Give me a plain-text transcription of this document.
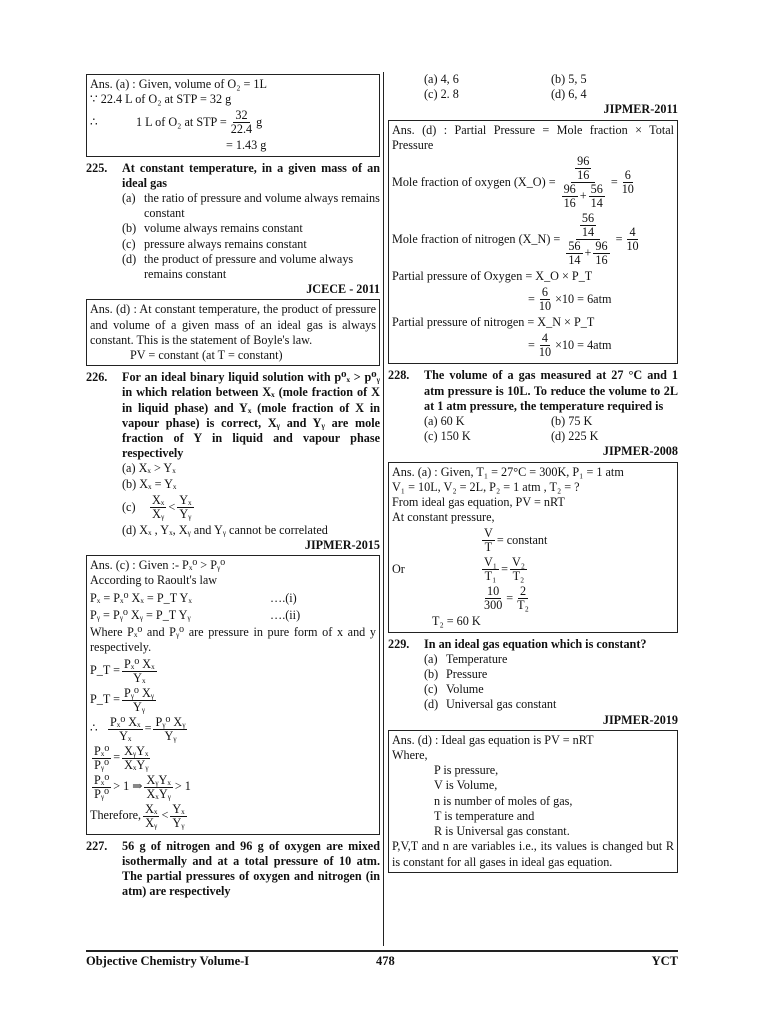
Ans. (a) : Given, volume of O₂ = 1L
∵ 22.4 L of O₂ at STP = 32 g
∴	1 L of O₂ at STP = $\frac{32}{22.4}$ g
= 1.43 g
225.	At constant temperature, in a given mass of an ideal gas
(a) the ratio of pressure and volume always remains constant
(b) volume always remains constant
(c) pressure always remains constant
(d) the product of pressure and volume always remains constant
JCECE - 2011
Ans. (d) : At constant temperature, the product of pressure and volume of a given mass of an ideal gas is always constant. This is the statement of Boyle's law.
PV = constant (at T = constant)
226.	For an ideal binary liquid solution with p⁰ₓ > p⁰ᵧ in which relation between Xₓ (mole fraction of X in liquid phase) and Yₓ (mole fraction of X in vapour phase) is correct, Xᵧ and Yᵧ are mole fraction of Y in liquid and vapour phase respectively
(a) Xₓ > Yₓ
(b) Xₓ = Yₓ
(c)	$\frac{\text{Xₓ}}{\text{Xᵧ}} < \frac{\text{Yₓ}}{\text{Yᵧ}}$
(d) Xₓ , Yₓ, Xᵧ and Yᵧ cannot be correlated
JIPMER-2015
Ans. (c) : Given :- Pₓ⁰ > Pᵧ⁰
According to Raoult's law
Pₓ = Pₓ⁰ Xₓ = P_T Yₓ	….(i)
Pᵧ = Pᵧ⁰ Xᵧ = P_T Yᵧ	….(ii)
Where Pₓ⁰ and Pᵧ⁰ are pressure in pure form of x and y respectively.
P_T = $\frac{\text{Pₓ⁰ Xₓ}}{\text{Yₓ}}$
P_T = $\frac{\text{Pᵧ⁰ Xᵧ}}{\text{Yᵧ}}$
∴ $\frac{\text{Pₓ⁰ Xₓ}}{\text{Yₓ}} = \frac{\text{Pᵧ⁰ Xᵧ}}{\text{Yᵧ}}$
$\frac{\text{Pₓ⁰}}{\text{Pᵧ⁰}} = \frac{\text{XᵧYₓ}}{\text{XₓYᵧ}}$
$\frac{\text{Pₓ⁰}}{\text{Pᵧ⁰}} > 1$ ⇒ $\frac{\text{XᵧYₓ}}{\text{XₓYᵧ}} > 1$
Therefore, $\frac{\text{Xₓ}}{\text{Xᵧ}} < \frac{\text{Yₓ}}{\text{Yᵧ}}$
227.	56 g of nitrogen and 96 g of oxygen are mixed isothermally and at a total pressure of 10 atm. The partial pressures of oxygen and nitrogen (in atm) are respectively
(a) 4, 6	(b) 5, 5
(c) 2. 8	(d) 6, 4
JIPMER-2011
Ans. (d) : Partial Pressure = Mole fraction × Total Pressure
Mole fraction of oxygen (X_O) = $\frac{\frac{96}{16}}{\frac{96}{16} + \frac{56}{14}} = \frac{6}{10}$
Mole fraction of nitrogen (X_N) = $\frac{\frac{56}{14}}{\frac{56}{14} + \frac{96}{16}} = \frac{4}{10}$
Partial pressure of Oxygen = X_O × P_T
= $\frac{6}{10} \times 10 = 6atm$
Partial pressure of nitrogen = X_N × P_T
= $\frac{4}{10} \times 10 = 4atm$
228.	The volume of a gas measured at 27 °C and 1 atm pressure is 10L. To reduce the volume to 2L at 1 atm pressure, the temperature required is
(a) 60 K	(b) 75 K
(c) 150 K	(d) 225 K
JIPMER-2008
Ans. (a) : Given, T₁ = 27°C = 300K, P₁ = 1 atm
V₁ = 10L, V₂ = 2L, P₂ = 1 atm , T₂ = ?
From ideal gas equation, PV = nRT
At constant pressure,
$\frac{V}{T}$ = constant
Or	$\frac{\text{V₁}}{\text{T₁}} = \frac{\text{V₂}}{\text{T₂}}$
$\frac{10}{300} = \frac{2}{\text{T₂}}$
T₂ = 60 K
229.	In an ideal gas equation which is constant?
(a) Temperature
(b) Pressure
(c) Volume
(d) Universal gas constant
JIPMER-2019
Ans. (d) : Ideal gas equation is PV = nRT
Where,
P is pressure,
V is Volume,
n is number of moles of gas,
T is temperature and
R is Universal gas constant.
P,V,T and n are variables i.e., its values is changed but R is constant for all gases in ideal gas equation.
Objective Chemistry Volume-I	478	YCT
